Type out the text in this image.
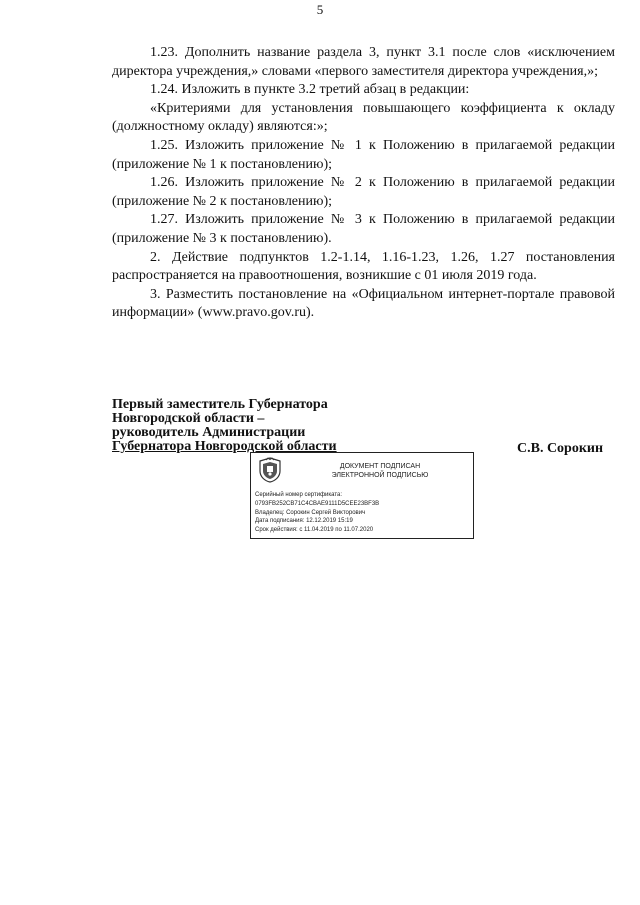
5

1.23. Дополнить название раздела 3, пункт 3.1 после слов «исключением директора учреждения,» словами «первого заместителя директора учреждения,»;

1.24. Изложить в пункте 3.2 третий абзац в редакции:

«Критериями для установления повышающего коэффициента к окладу (должностному окладу) являются:»;

1.25. Изложить приложение № 1 к Положению в прилагаемой редакции (приложение № 1 к постановлению);

1.26. Изложить приложение № 2 к Положению в прилагаемой редакции (приложение № 2 к постановлению);

1.27. Изложить приложение № 3 к Положению в прилагаемой редакции (приложение № 3 к постановлению).

2. Действие подпунктов 1.2-1.14, 1.16-1.23, 1.26, 1.27 постановления распространяется на правоотношения, возникшие с 01 июля 2019 года.

3. Разместить постановление на «Официальном интернет-портале правовой информации» (www.pravo.gov.ru).

Первый заместитель Губернатора

Новгородской области –

руководитель Администрации

Губернатора Новгородской области	С.В. Сорокин
ДОКУМЕНТ ПОДПИСАН
ЭЛЕКТРОННОЙ ПОДПИСЬЮ
Серийный номер сертификата:
0793FB252CB71C4CBAE9111D5CEE23BF3B
Владелец: Сорокин Сергей Викторович
Дата подписания: 12.12.2019 15:19
Срок действия: с 11.04.2019 по 11.07.2020
